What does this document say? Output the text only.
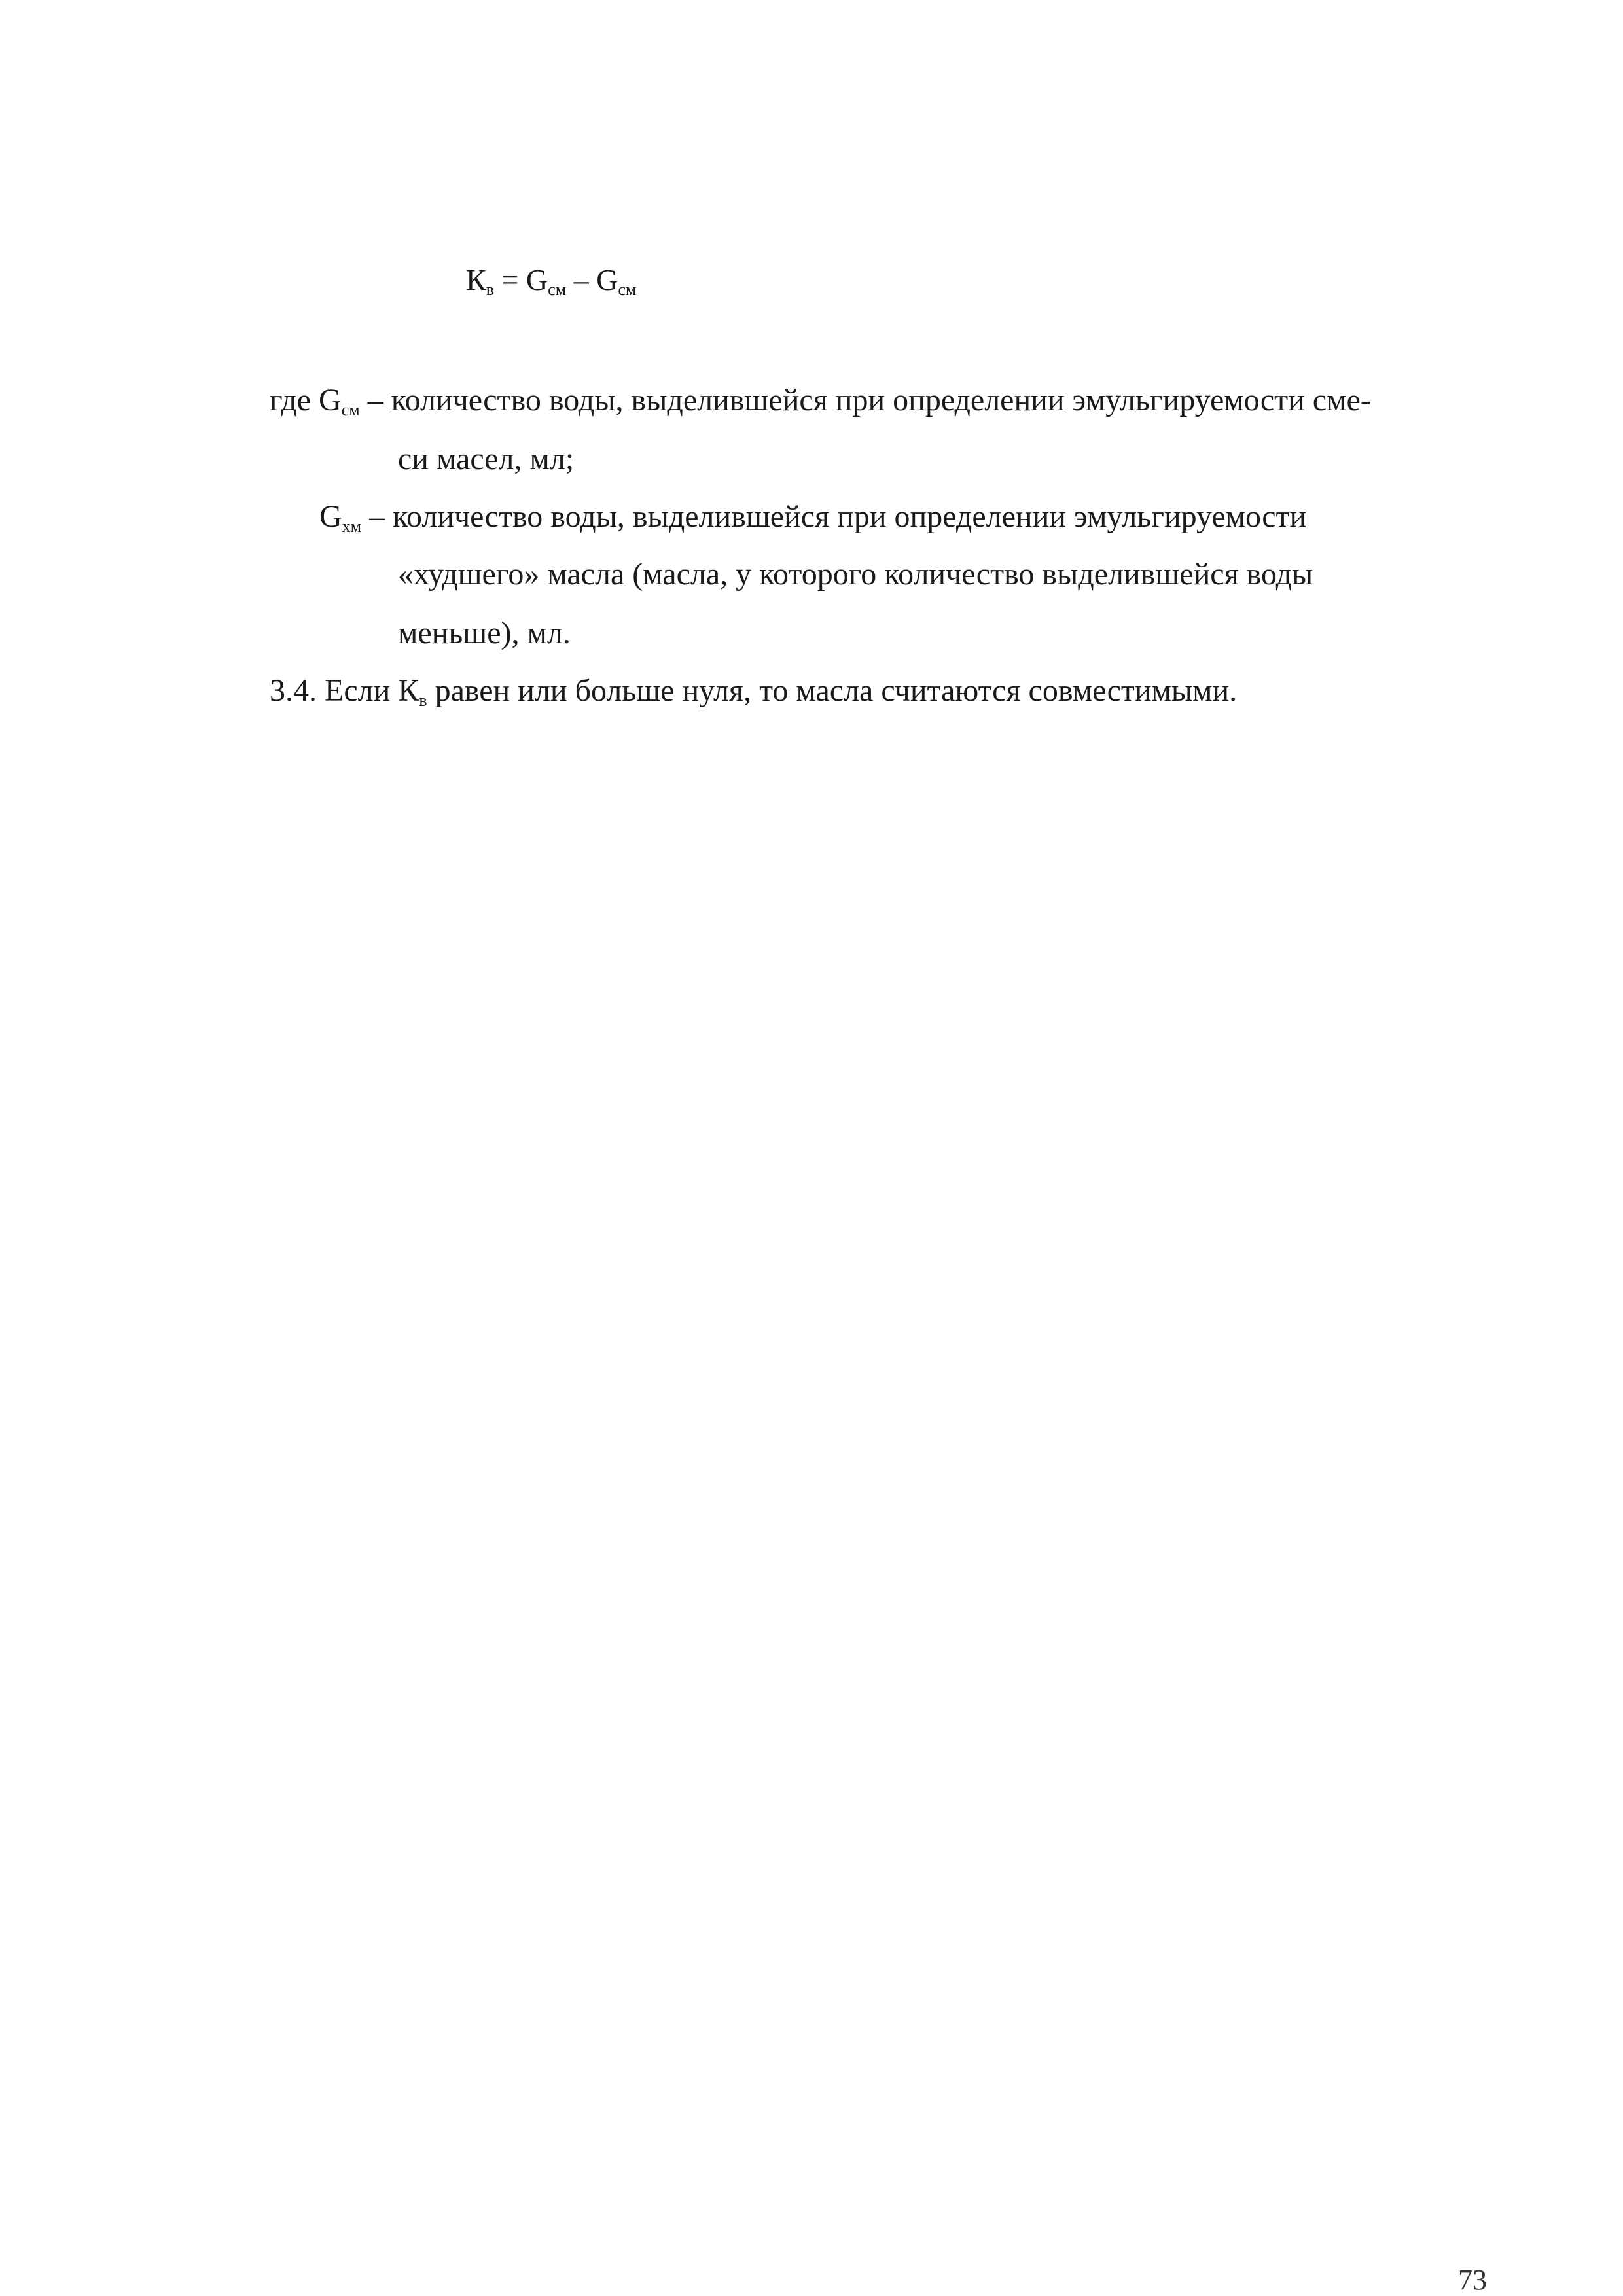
$К_в = G_{см} - G_{см}$
где $G_{см}$ – количество воды, выделившейся при определении эмульгируемости сме-
си масел, мл;
$G_{хм}$ – количество воды, выделившейся при определении эмульгируемости
«худшего» масла (масла, у которого количество выделившейся воды
меньше), мл.
3.4. Если $К_в$ равен или больше нуля, то масла считаются совместимыми.
73
